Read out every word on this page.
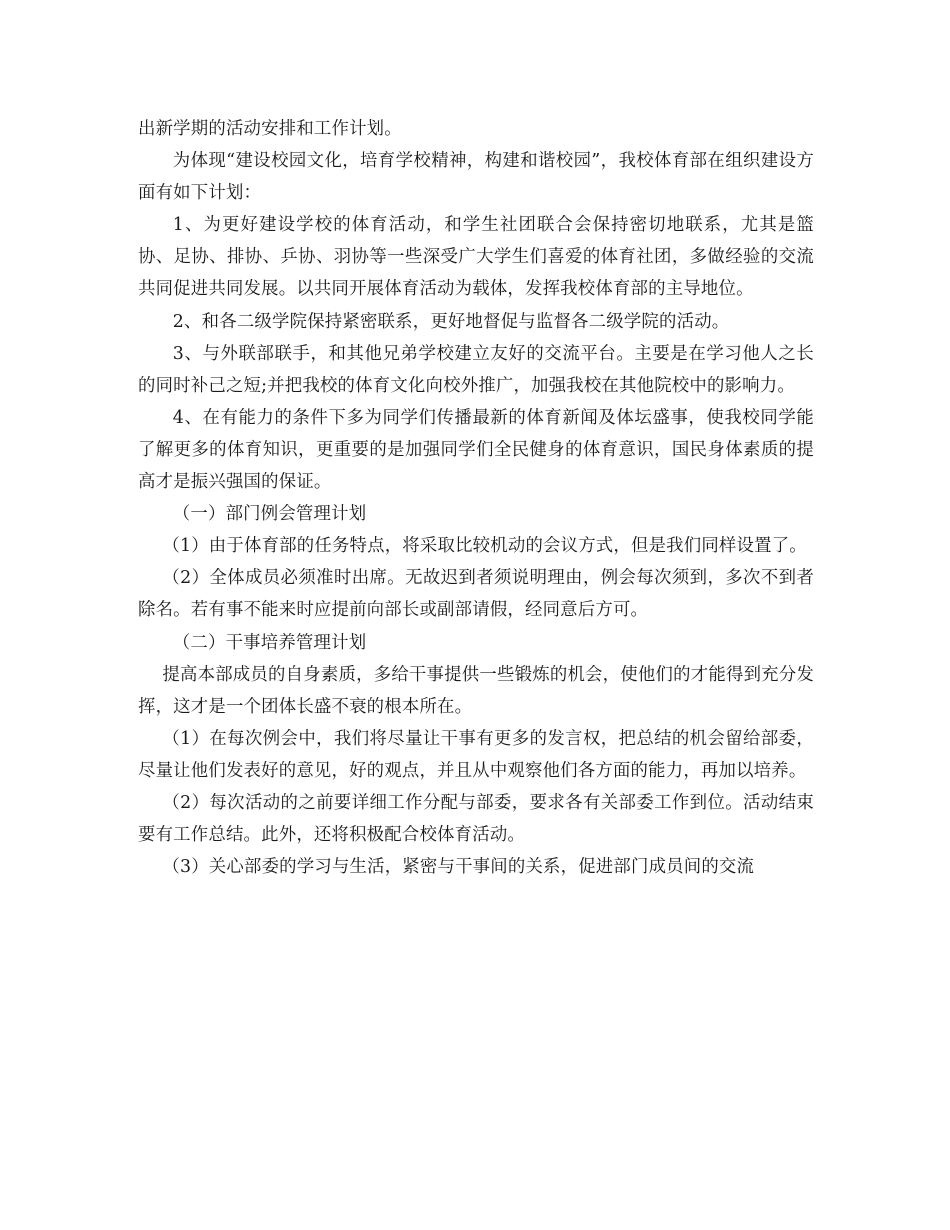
出新学期的活动安排和工作计划。

为体现“建设校园文化，培育学校精神，构建和谐校园”，我校体育部在组织建设方面有如下计划：

1、为更好建设学校的体育活动，和学生社团联合会保持密切地联系，尤其是篮协、足协、排协、乒协、羽协等一些深受广大学生们喜爱的体育社团，多做经验的交流共同促进共同发展。以共同开展体育活动为载体，发挥我校体育部的主导地位。

2、和各二级学院保持紧密联系，更好地督促与监督各二级学院的活动。

3、与外联部联手，和其他兄弟学校建立友好的交流平台。主要是在学习他人之长的同时补己之短;并把我校的体育文化向校外推广，加强我校在其他院校中的影响力。

4、在有能力的条件下多为同学们传播最新的体育新闻及体坛盛事，使我校同学能了解更多的体育知识，更重要的是加强同学们全民健身的体育意识，国民身体素质的提高才是振兴强国的保证。

（一）部门例会管理计划

（1）由于体育部的任务特点，将采取比较机动的会议方式，但是我们同样设置了。

（2）全体成员必须准时出席。无故迟到者须说明理由，例会每次须到，多次不到者除名。若有事不能来时应提前向部长或副部请假，经同意后方可。

（二）干事培养管理计划

提高本部成员的自身素质，多给干事提供一些锻炼的机会，使他们的才能得到充分发挥，这才是一个团体长盛不衰的根本所在。

（1）在每次例会中，我们将尽量让干事有更多的发言权，把总结的机会留给部委，尽量让他们发表好的意见，好的观点，并且从中观察他们各方面的能力，再加以培养。

（2）每次活动的之前要详细工作分配与部委，要求各有关部委工作到位。活动结束要有工作总结。此外，还将积极配合校体育活动。

（3）关心部委的学习与生活，紧密与干事间的关系，促进部门成员间的交流
